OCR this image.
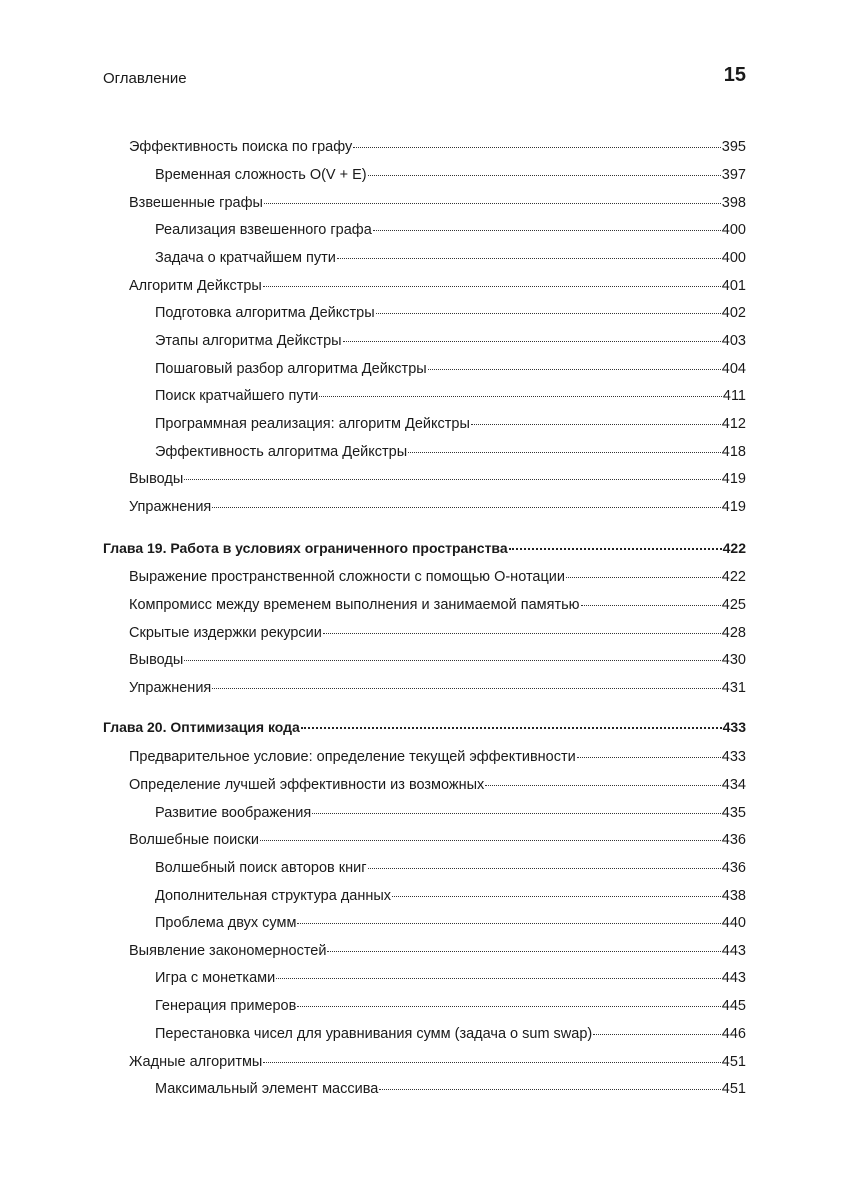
Оглавление	15
Эффективность поиска по графу	395
Временная сложность O(V + E)	397
Взвешенные графы	398
Реализация взвешенного графа	400
Задача о кратчайшем пути	400
Алгоритм Дейкстры	401
Подготовка алгоритма Дейкстры	402
Этапы алгоритма Дейкстры	403
Пошаговый разбор алгоритма Дейкстры	404
Поиск кратчайшего пути	411
Программная реализация: алгоритм Дейкстры	412
Эффективность алгоритма Дейкстры	418
Выводы	419
Упражнения	419
Глава 19. Работа в условиях ограниченного пространства	422
Выражение пространственной сложности с помощью O-нотации	422
Компромисс между временем выполнения и занимаемой памятью	425
Скрытые издержки рекурсии	428
Выводы	430
Упражнения	431
Глава 20. Оптимизация кода	433
Предварительное условие: определение текущей эффективности	433
Определение лучшей эффективности из возможных	434
Развитие воображения	435
Волшебные поиски	436
Волшебный поиск авторов книг	436
Дополнительная структура данных	438
Проблема двух сумм	440
Выявление закономерностей	443
Игра с монетками	443
Генерация примеров	445
Перестановка чисел для уравнивания сумм (задача о sum swap)	446
Жадные алгоритмы	451
Максимальный элемент массива	451
